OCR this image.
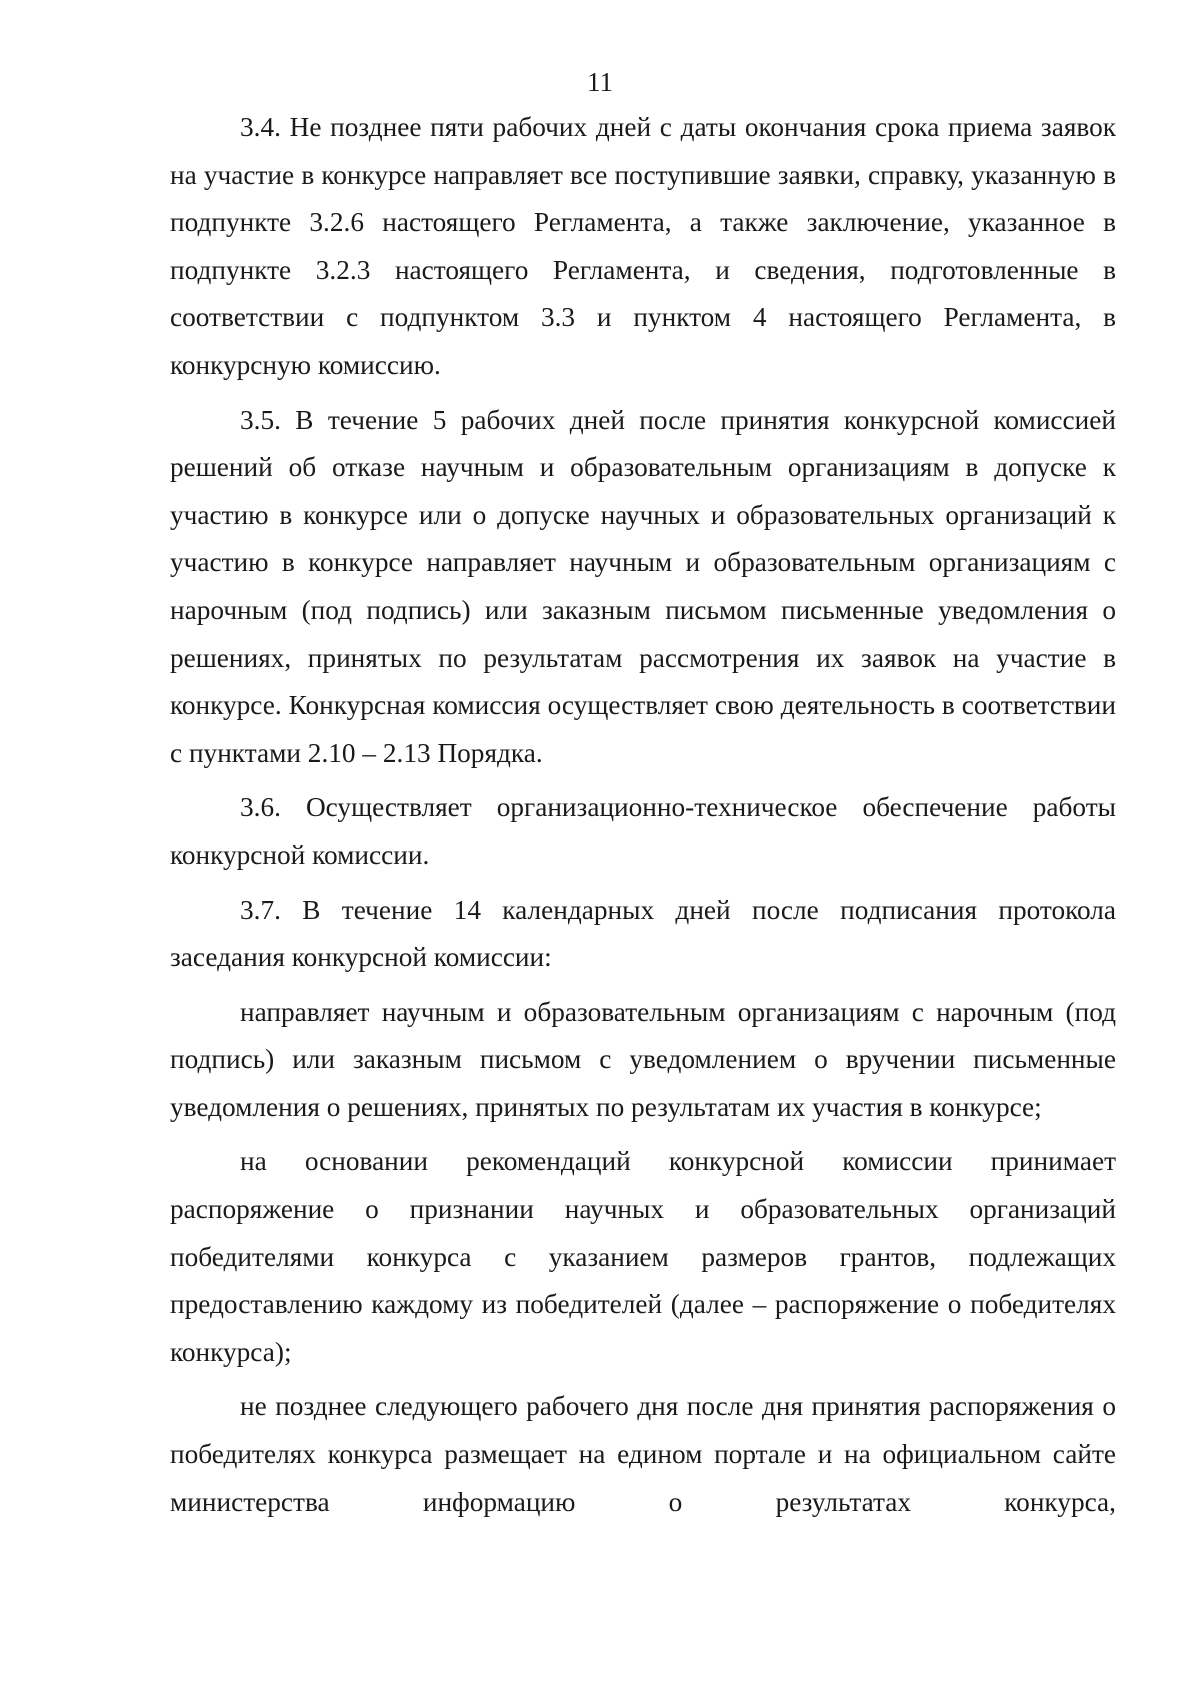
11

3.4. Не позднее пяти рабочих дней с даты окончания срока приема заявок на участие в конкурсе направляет все поступившие заявки, справку, указанную в подпункте 3.2.6 настоящего Регламента, а также заключение, указанное в подпункте 3.2.3 настоящего Регламента, и сведения, подготовленные в соответствии с подпунктом 3.3 и пунктом 4 настоящего Регламента, в конкурсную комиссию.

3.5. В течение 5 рабочих дней после принятия конкурсной комиссией решений об отказе научным и образовательным организациям в допуске к участию в конкурсе или о допуске научных и образовательных организаций к участию в конкурсе направляет научным и образовательным организациям с нарочным (под подпись) или заказным письмом письменные уведомления о решениях, принятых по результатам рассмотрения их заявок на участие в конкурсе. Конкурсная комиссия осуществляет свою деятельность в соответствии с пунктами 2.10 – 2.13 Порядка.

3.6. Осуществляет организационно-техническое обеспечение работы конкурсной комиссии.

3.7. В течение 14 календарных дней после подписания протокола заседания конкурсной комиссии:

направляет научным и образовательным организациям с нарочным (под подпись) или заказным письмом с уведомлением о вручении письменные уведомления о решениях, принятых по результатам их участия в конкурсе;

на основании рекомендаций конкурсной комиссии принимает распоряжение о признании научных и образовательных организаций победителями конкурса с указанием размеров грантов, подлежащих предоставлению каждому из победителей (далее – распоряжение о победителях конкурса);

не позднее следующего рабочего дня после дня принятия распоряжения о победителях конкурса размещает на едином портале и на официальном сайте министерства информацию о результатах конкурса,
